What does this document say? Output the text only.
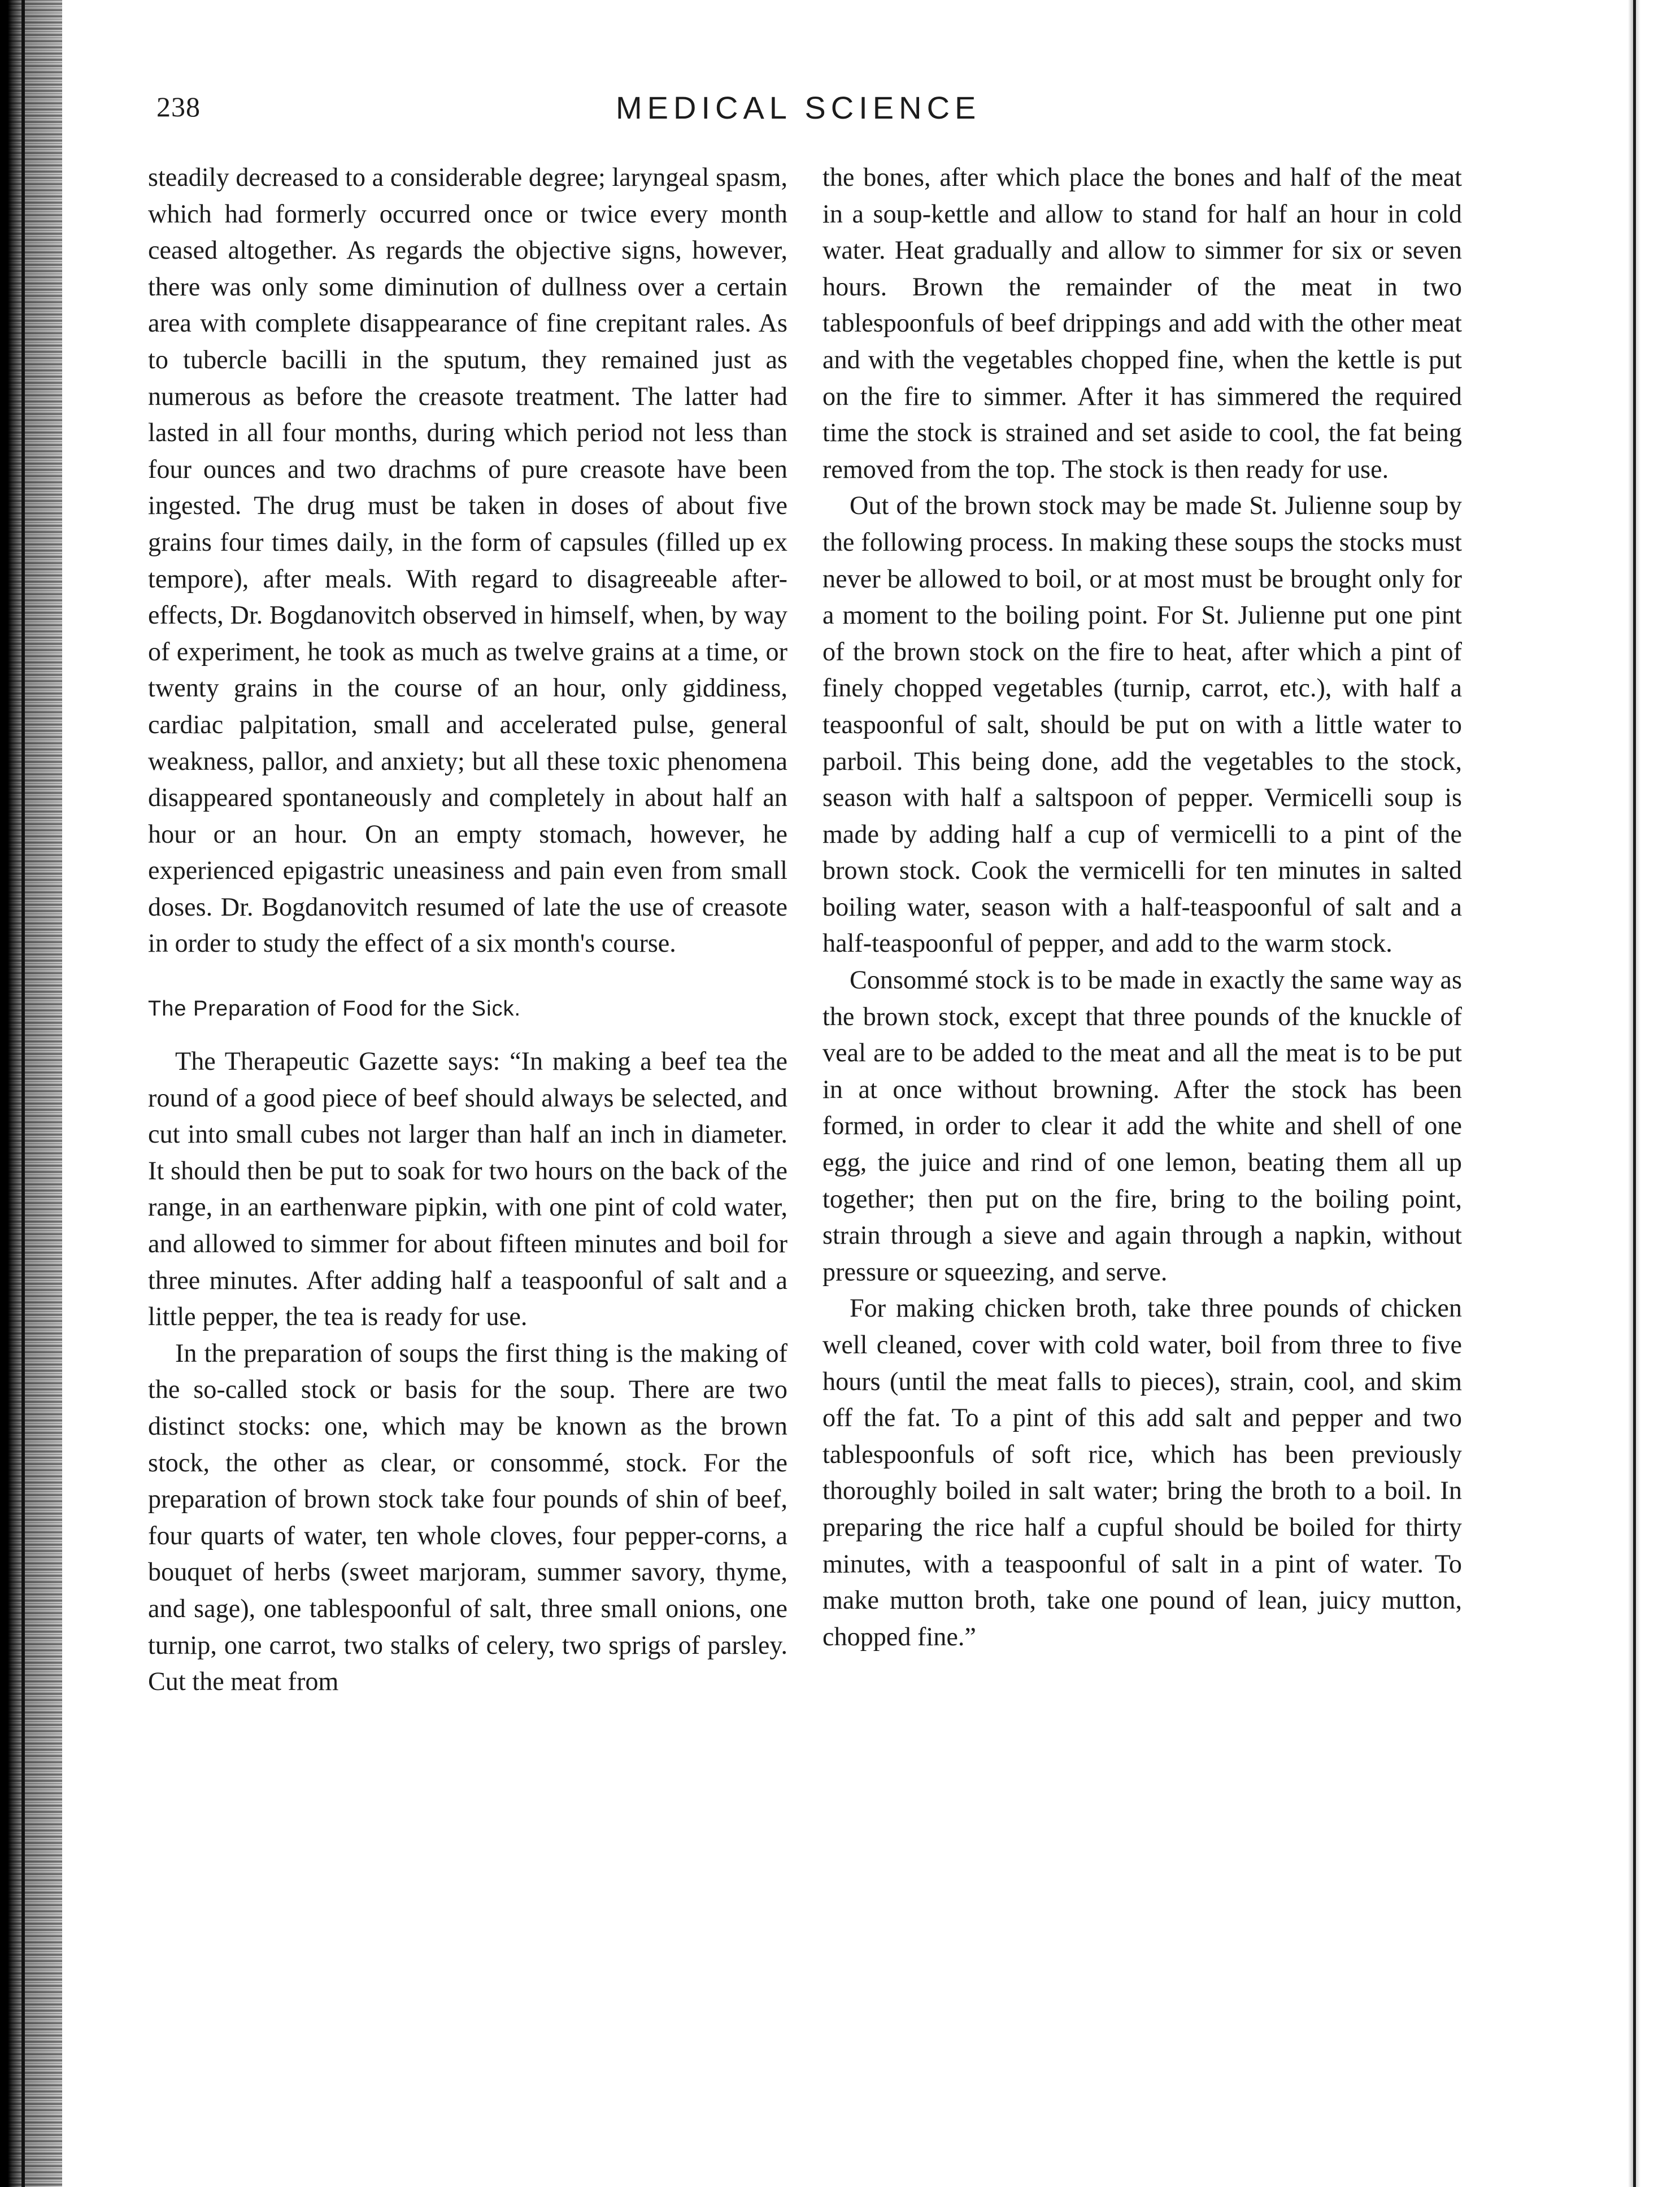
238	MEDICAL SCIENCE

steadily decreased to a considerable degree; laryngeal spasm, which had formerly occurred once or twice every month ceased altogether. As regards the objective signs, however, there was only some diminution of dullness over a certain area with complete disappearance of fine crepitant rales. As to tubercle bacilli in the sputum, they remained just as numerous as before the creasote treatment. The latter had lasted in all four months, during which period not less than four ounces and two drachms of pure creasote have been ingested. The drug must be taken in doses of about five grains four times daily, in the form of capsules (filled up ex tempore), after meals. With regard to disagreeable after-effects, Dr. Bogdanovitch observed in himself, when, by way of experiment, he took as much as twelve grains at a time, or twenty grains in the course of an hour, only giddiness, cardiac palpitation, small and accelerated pulse, general weakness, pallor, and anxiety; but all these toxic phenomena disappeared spontaneously and completely in about half an hour or an hour. On an empty stomach, however, he experienced epigastric uneasiness and pain even from small doses. Dr. Bogdanovitch resumed of late the use of creasote in order to study the effect of a six month's course.

The Preparation of Food for the Sick.

The Therapeutic Gazette says: “In making a beef tea the round of a good piece of beef should always be selected, and cut into small cubes not larger than half an inch in diameter. It should then be put to soak for two hours on the back of the range, in an earthenware pipkin, with one pint of cold water, and allowed to simmer for about fifteen minutes and boil for three minutes. After adding half a teaspoonful of salt and a little pepper, the tea is ready for use.

In the preparation of soups the first thing is the making of the so-called stock or basis for the soup. There are two distinct stocks: one, which may be known as the brown stock, the other as clear, or consommé, stock. For the preparation of brown stock take four pounds of shin of beef, four quarts of water, ten whole cloves, four pepper-corns, a bouquet of herbs (sweet marjoram, summer savory, thyme, and sage), one tablespoonful of salt, three small onions, one turnip, one carrot, two stalks of celery, two sprigs of parsley. Cut the meat from

the bones, after which place the bones and half of the meat in a soup-kettle and allow to stand for half an hour in cold water. Heat gradually and allow to simmer for six or seven hours. Brown the remainder of the meat in two tablespoonfuls of beef drippings and add with the other meat and with the vegetables chopped fine, when the kettle is put on the fire to simmer. After it has simmered the required time the stock is strained and set aside to cool, the fat being removed from the top. The stock is then ready for use.

Out of the brown stock may be made St. Julienne soup by the following process. In making these soups the stocks must never be allowed to boil, or at most must be brought only for a moment to the boiling point. For St. Julienne put one pint of the brown stock on the fire to heat, after which a pint of finely chopped vegetables (turnip, carrot, etc.), with half a teaspoonful of salt, should be put on with a little water to parboil. This being done, add the vegetables to the stock, season with half a saltspoon of pepper. Vermicelli soup is made by adding half a cup of vermicelli to a pint of the brown stock. Cook the vermicelli for ten minutes in salted boiling water, season with a half-teaspoonful of salt and a half-teaspoonful of pepper, and add to the warm stock.

Consommé stock is to be made in exactly the same way as the brown stock, except that three pounds of the knuckle of veal are to be added to the meat and all the meat is to be put in at once without browning. After the stock has been formed, in order to clear it add the white and shell of one egg, the juice and rind of one lemon, beating them all up together; then put on the fire, bring to the boiling point, strain through a sieve and again through a napkin, without pressure or squeezing, and serve.

For making chicken broth, take three pounds of chicken well cleaned, cover with cold water, boil from three to five hours (until the meat falls to pieces), strain, cool, and skim off the fat. To a pint of this add salt and pepper and two tablespoonfuls of soft rice, which has been previously thoroughly boiled in salt water; bring the broth to a boil. In preparing the rice half a cupful should be boiled for thirty minutes, with a teaspoonful of salt in a pint of water. To make mutton broth, take one pound of lean, juicy mutton, chopped fine.”
